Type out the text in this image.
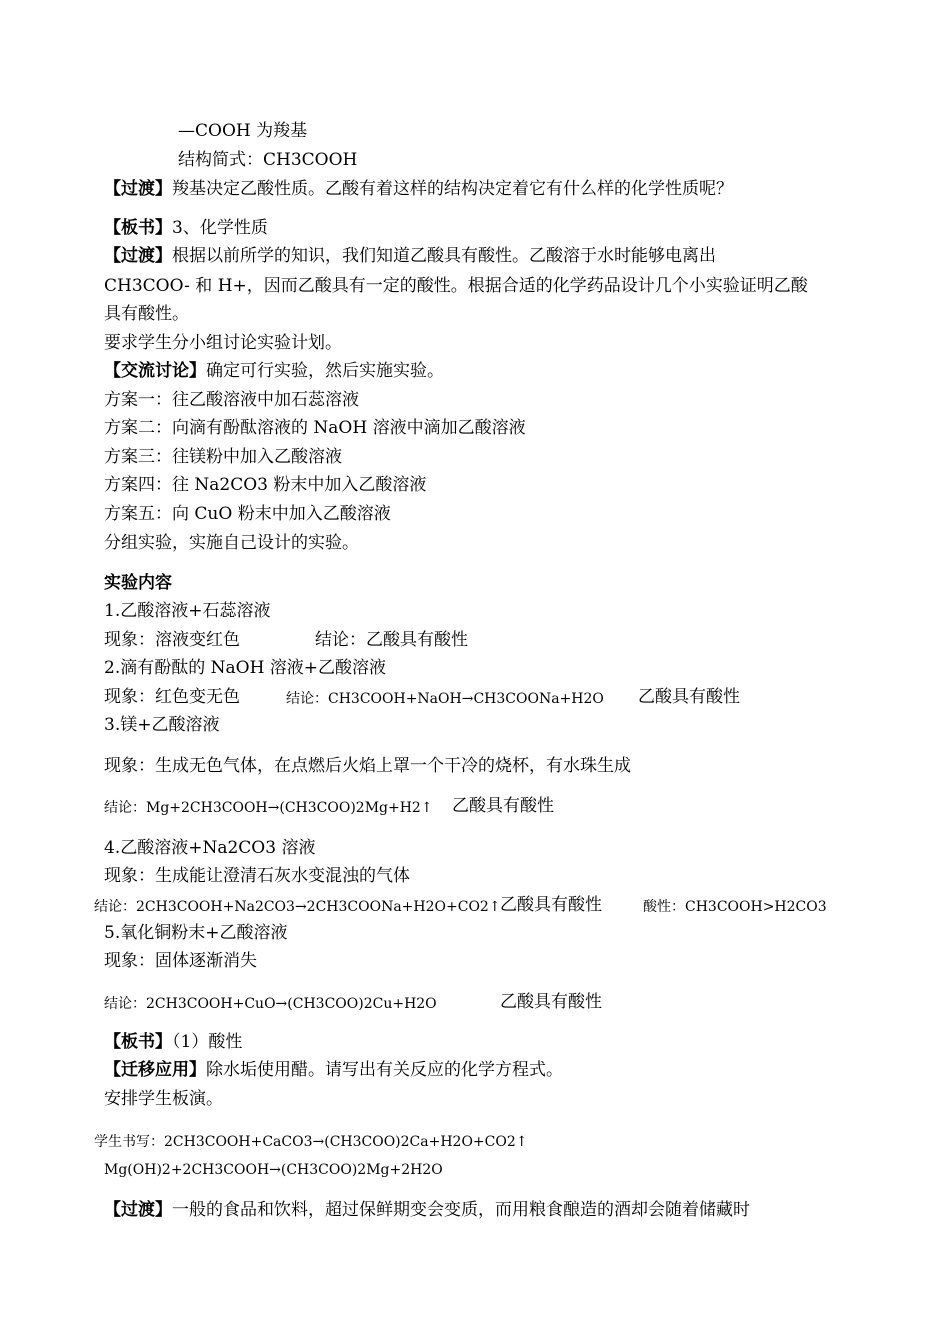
—COOH 为羧基
结构简式：CH3COOH
【过渡】羧基决定乙酸性质。乙酸有着这样的结构决定着它有什么样的化学性质呢？
【板书】3、化学性质
【过渡】根据以前所学的知识，我们知道乙酸具有酸性。乙酸溶于水时能够电离出
CH3COO- 和 H+，因而乙酸具有一定的酸性。根据合适的化学药品设计几个小实验证明乙酸
具有酸性。
要求学生分小组讨论实验计划。
【交流讨论】确定可行实验，然后实施实验。
方案一：往乙酸溶液中加石蕊溶液
方案二：向滴有酚酞溶液的 NaOH 溶液中滴加乙酸溶液
方案三：往镁粉中加入乙酸溶液
方案四：往 Na2CO3 粉末中加入乙酸溶液
方案五：向 CuO 粉末中加入乙酸溶液
分组实验，实施自己设计的实验。
实验内容
1.乙酸溶液+石蕊溶液
现象：溶液变红色	结论：乙酸具有酸性
2.滴有酚酞的 NaOH 溶液+乙酸溶液
现象：红色变无色	结论：CH3COOH+NaOH→CH3COONa+H2O 乙酸具有酸性
3.镁+乙酸溶液
现象：生成无色气体，在点燃后火焰上罩一个干冷的烧杯，有水珠生成
结论：Mg+2CH3COOH→(CH3COO)2Mg+H2↑ 乙酸具有酸性
4.乙酸溶液+Na2CO3 溶液
现象：生成能让澄清石灰水变混浊的气体
结论：2CH3COOH+Na2CO3→2CH3COONa+H2O+CO2↑ 乙酸具有酸性	酸性：CH3COOH>H2CO3
5.氧化铜粉末+乙酸溶液
现象：固体逐渐消失
结论：2CH3COOH+CuO→(CH3COO)2Cu+H2O	乙酸具有酸性
【板书】（1）酸性
【迁移应用】除水垢使用醋。请写出有关反应的化学方程式。
安排学生板演。
学生书写：2CH3COOH+CaCO3→(CH3COO)2Ca+H2O+CO2↑
Mg(OH)2+2CH3COOH→(CH3COO)2Mg+2H2O
【过渡】一般的食品和饮料，超过保鲜期变会变质，而用粮食酿造的酒却会随着储藏时
